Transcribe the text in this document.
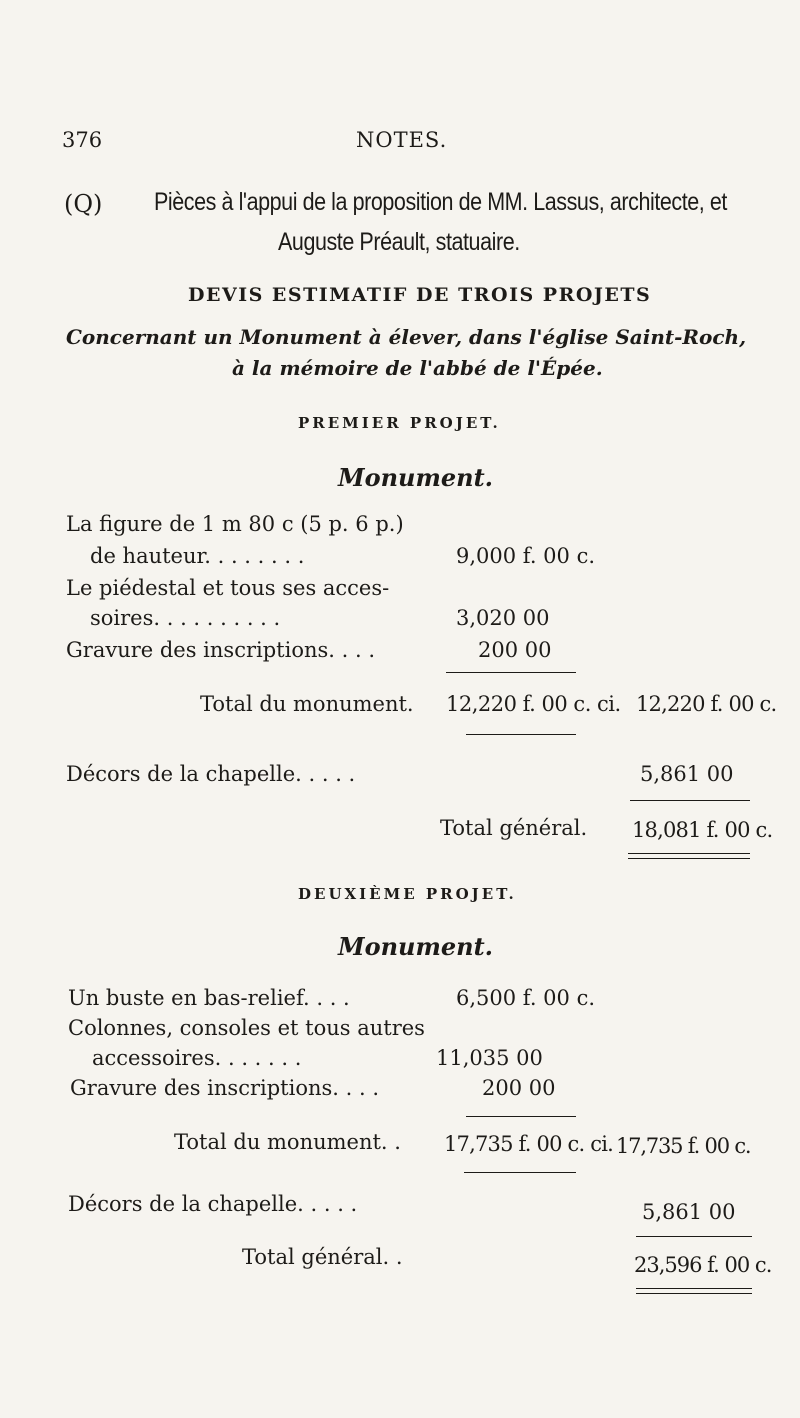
376	NOTES.
(Q) Pièces à l'appui de la proposition de MM. Lassus, architecte, et
Auguste Préault, statuaire.
DEVIS ESTIMATIF DE TROIS PROJETS
Concernant un Monument à élever, dans l'église Saint-Roch,
à la mémoire de l'abbé de l'Épée.
PREMIER PROJET.
Monument.
La figure de 1 m 80 c (5 p. 6 p.)
de hauteur. . . . . . . .	9,000 f. 00 c.
Le piédestal et tous ses acces-
soires. . . . . . . . . .	3,020 00
Gravure des inscriptions. . . .	200 00
Total du monument. 12,220 f. 00 c. ci. 12,220 f. 00 c.
Décors de la chapelle. . . . .	5,861 00
Total général. 18,081 f. 00 c.
DEUXIÈME PROJET.
Monument.
Un buste en bas-relief. . . .	6,500 f. 00 c.
Colonnes, consoles et tous autres
accessoires. . . . . . .	11,035 00
Gravure des inscriptions. . . .	200 00
Total du monument. . 17,735 f. 00 c. ci. 17,735 f. 00 c.
Décors de la chapelle. . . . .	5,861 00
Total général. .	23,596 f. 00 c.
